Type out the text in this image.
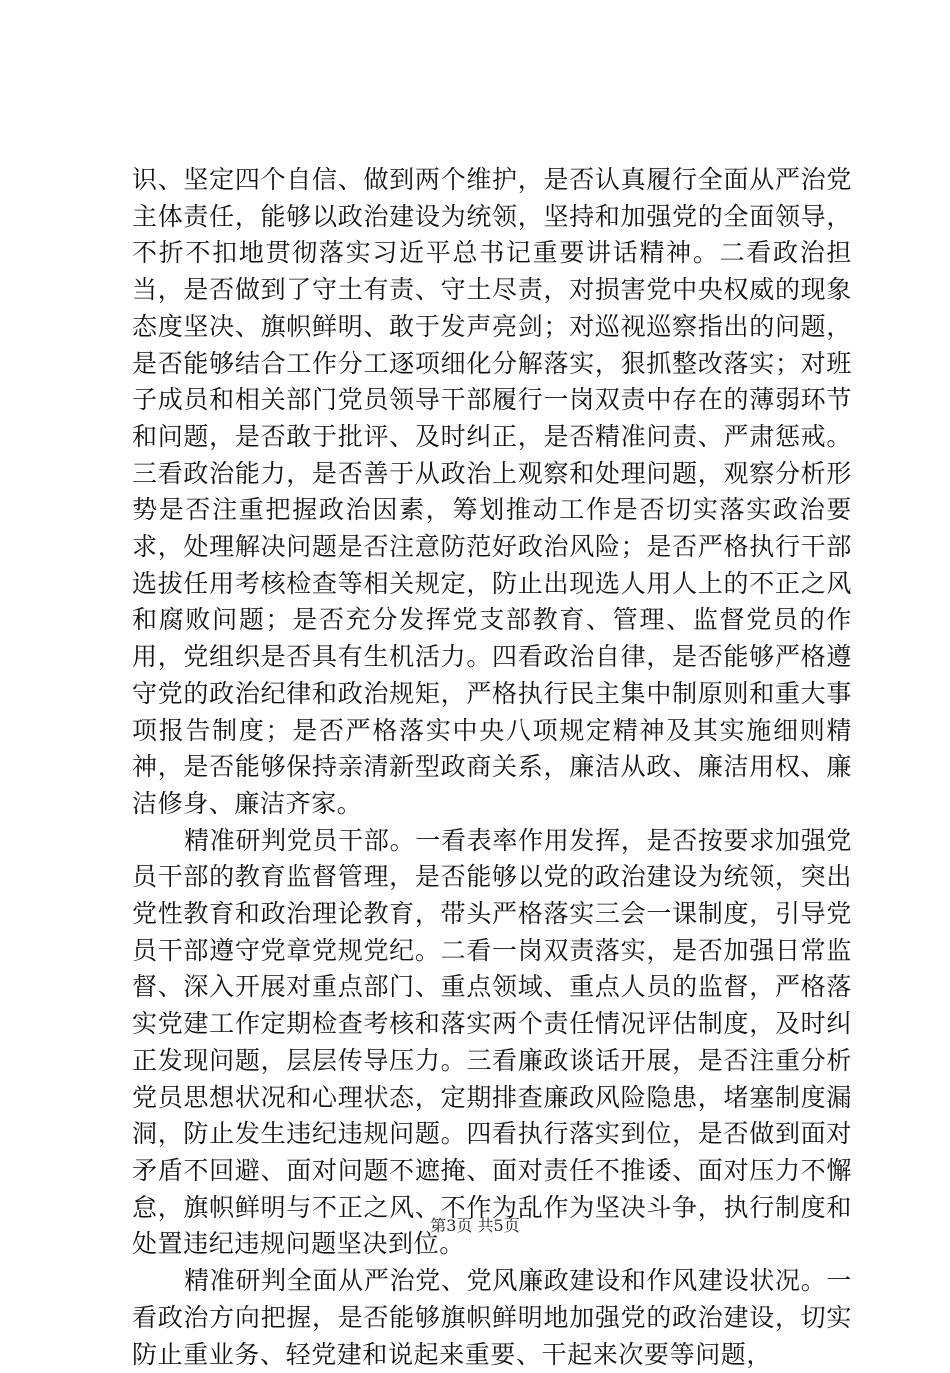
识、坚定四个自信、做到两个维护，是否认真履行全面从严治党主体责任，能够以政治建设为统领，坚持和加强党的全面领导，不折不扣地贯彻落实习近平总书记重要讲话精神。二看政治担当，是否做到了守土有责、守土尽责，对损害党中央权威的现象态度坚决、旗帜鲜明、敢于发声亮剑；对巡视巡察指出的问题，是否能够结合工作分工逐项细化分解落实，狠抓整改落实；对班子成员和相关部门党员领导干部履行一岗双责中存在的薄弱环节和问题，是否敢于批评、及时纠正，是否精准问责、严肃惩戒。三看政治能力，是否善于从政治上观察和处理问题，观察分析形势是否注重把握政治因素，筹划推动工作是否切实落实政治要求，处理解决问题是否注意防范好政治风险；是否严格执行干部选拔任用考核检查等相关规定，防止出现选人用人上的不正之风和腐败问题；是否充分发挥党支部教育、管理、监督党员的作用，党组织是否具有生机活力。四看政治自律，是否能够严格遵守党的政治纪律和政治规矩，严格执行民主集中制原则和重大事项报告制度；是否严格落实中央八项规定精神及其实施细则精神，是否能够保持亲清新型政商关系，廉洁从政、廉洁用权、廉洁修身、廉洁齐家。

精准研判党员干部。一看表率作用发挥，是否按要求加强党员干部的教育监督管理，是否能够以党的政治建设为统领，突出党性教育和政治理论教育，带头严格落实三会一课制度，引导党员干部遵守党章党规党纪。二看一岗双责落实，是否加强日常监督、深入开展对重点部门、重点领域、重点人员的监督，严格落实党建工作定期检查考核和落实两个责任情况评估制度，及时纠正发现问题，层层传导压力。三看廉政谈话开展，是否注重分析党员思想状况和心理状态，定期排查廉政风险隐患，堵塞制度漏洞，防止发生违纪违规问题。四看执行落实到位，是否做到面对矛盾不回避、面对问题不遮掩、面对责任不推诿、面对压力不懈怠，旗帜鲜明与不正之风、不作为乱作为坚决斗争，执行制度和处置违纪违规问题坚决到位。

精准研判全面从严治党、党风廉政建设和作风建设状况。一看政治方向把握，是否能够旗帜鲜明地加强党的政治建设，切实防止重业务、轻党建和说起来重要、干起来次要等问题，

第3页 共5页
